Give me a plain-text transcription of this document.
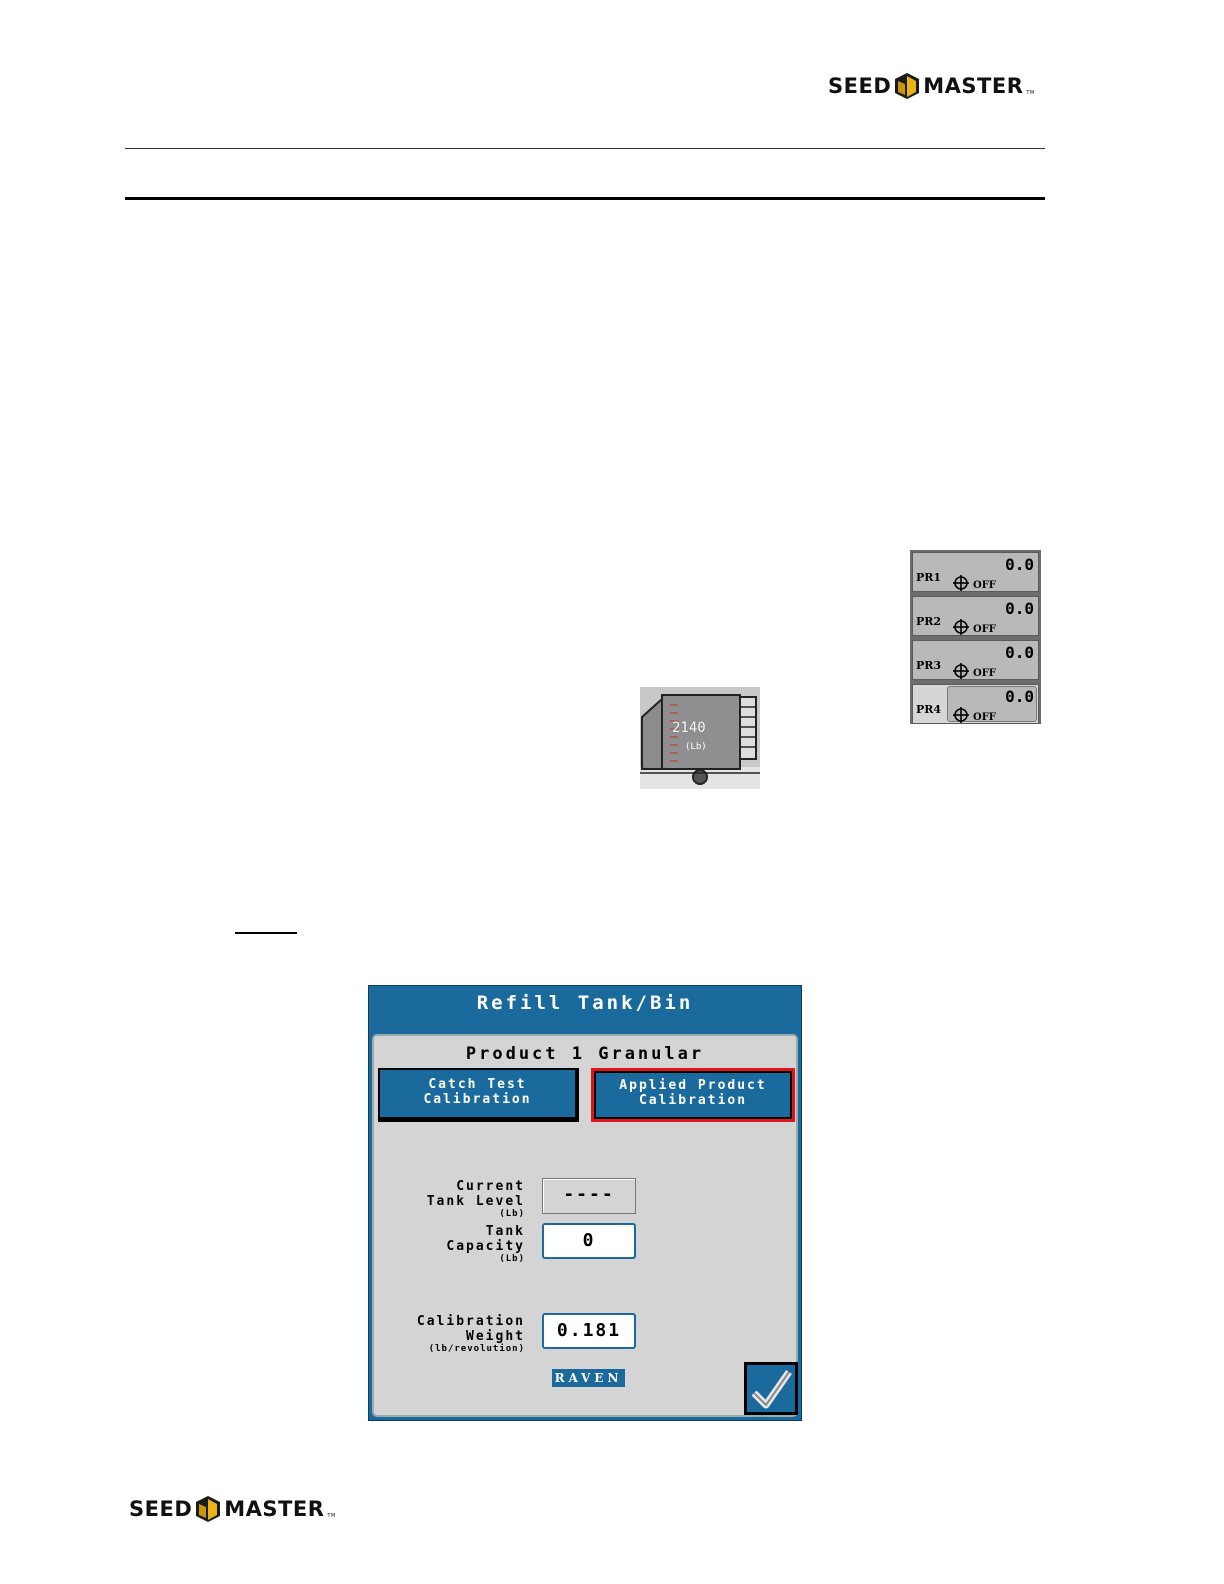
SEED MASTER TM
PR1
0.0
OFF
PR2
0.0
OFF
PR3
0.0
OFF
PR4
0.0
OFF
2140
(Lb)
Refill Tank/Bin
Product 1 Granular
Catch Test
Calibration
Applied Product
Calibration
Current
Tank Level
(Lb)
----
Tank
Capacity
(Lb)
0
Calibration
Weight
(lb/revolution)
0.181
RAVEN
SEED MASTER TM
